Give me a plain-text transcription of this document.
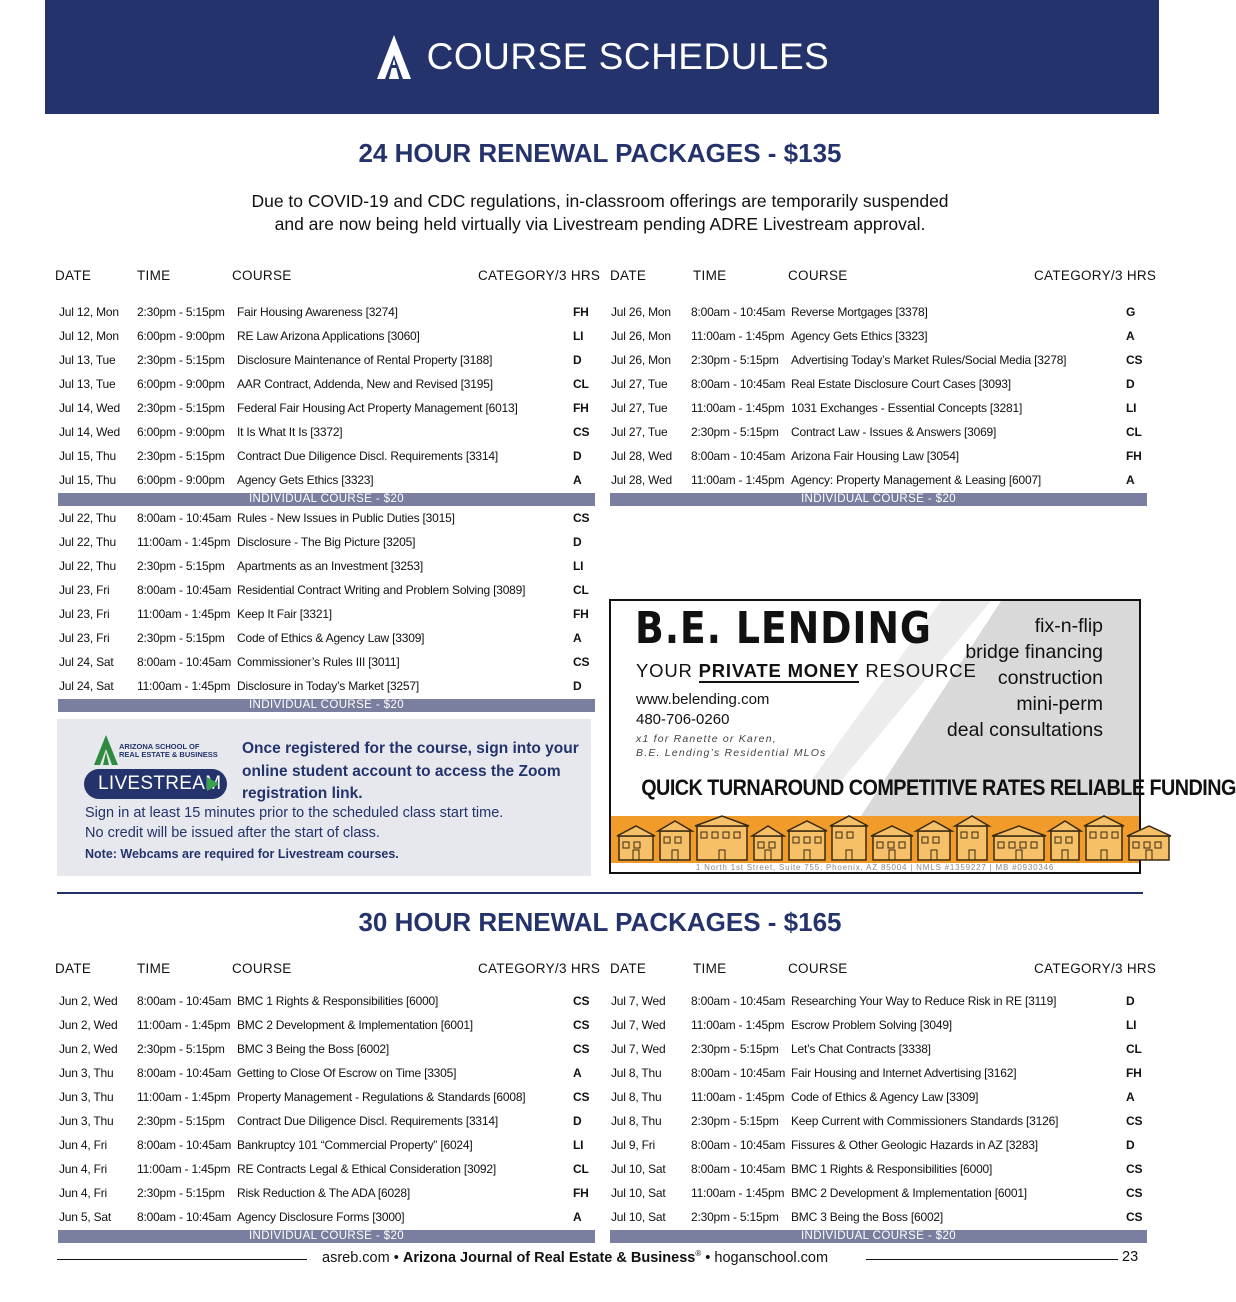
COURSE SCHEDULES
24 HOUR RENEWAL PACKAGES - $135

Due to COVID-19 and CDC regulations, in-classroom offerings are temporarily suspended

and are now being held virtually via Livestream pending ADRE Livestream approval.

DATE	TIME	COURSE	CATEGORY/3 HRS DATE	TIME	COURSE	CATEGORY/3 HRS
Jul 12, Mon 2:30pm - 5:15pm Fair Housing Awareness [3274]	FH
Jul 12, Mon 6:00pm - 9:00pm RE Law Arizona Applications [3060]	LI
Jul 13, Tue 2:30pm - 5:15pm Disclosure Maintenance of Rental Property [3188]	D
Jul 13, Tue 6:00pm - 9:00pm AAR Contract, Addenda, New and Revised [3195]	CL
Jul 14, Wed 2:30pm - 5:15pm Federal Fair Housing Act Property Management [6013]	FH
Jul 14, Wed 6:00pm - 9:00pm It Is What It Is [3372]	CS
Jul 15, Thu 2:30pm - 5:15pm Contract Due Diligence Discl. Requirements [3314]	D
Jul 15, Thu 6:00pm - 9:00pm Agency Gets Ethics [3323]	A
INDIVIDUAL COURSE - $20
Jul 22, Thu 8:00am - 10:45am Rules - New Issues in Public Duties [3015]	CS
Jul 22, Thu 11:00am - 1:45pm Disclosure - The Big Picture [3205]	D
Jul 22, Thu 2:30pm - 5:15pm Apartments as an Investment [3253]	LI
Jul 23, Fri 8:00am - 10:45am Residential Contract Writing and Problem Solving [3089]	CL
Jul 23, Fri 11:00am - 1:45pm Keep It Fair [3321]	FH
Jul 23, Fri 2:30pm - 5:15pm Code of Ethics & Agency Law [3309]	A
Jul 24, Sat 8:00am - 10:45am Commissioner’s Rules III [3011]	CS
Jul 24, Sat 11:00am - 1:45pm Disclosure in Today’s Market [3257]	D
INDIVIDUAL COURSE - $20
Jul 26, Mon 8:00am - 10:45am Reverse Mortgages [3378]	G
Jul 26, Mon 11:00am - 1:45pm Agency Gets Ethics [3323]	A
Jul 26, Mon 2:30pm - 5:15pm Advertising Today’s Market Rules/Social Media [3278]	CS
Jul 27, Tue 8:00am - 10:45am Real Estate Disclosure Court Cases [3093]	D
Jul 27, Tue 11:00am - 1:45pm 1031 Exchanges - Essential Concepts [3281]	LI
Jul 27, Tue 2:30pm - 5:15pm Contract Law - Issues & Answers [3069]	CL
Jul 28, Wed 8:00am - 10:45am Arizona Fair Housing Law [3054]	FH
Jul 28, Wed 11:00am - 1:45pm Agency: Property Management & Leasing [6007]	A
INDIVIDUAL COURSE - $20
ARIZONA SCHOOL OF
REAL ESTATE & BUSINESS
LIVESTREAM
Once registered for the course, sign into your online student account to access the Zoom registration link.
Sign in at least 15 minutes prior to the scheduled class start time.
No credit will be issued after the start of class.
Note: Webcams are required for Livestream courses.
B.E. LENDING
YOUR PRIVATE MONEY RESOURCE
www.belending.com
480-706-0260
x1 for Ranette or Karen,
B.E. Lending’s Residential MLOs
fix-n-flip
bridge financing
construction
mini-perm
deal consultations
QUICK TURNAROUND COMPETITIVE RATES RELIABLE FUNDING
1 North 1st Street, Suite 755, Phoenix, AZ 85004 | NMLS #1359227 | MB #0930346
30 HOUR RENEWAL PACKAGES - $165
DATE	TIME	COURSE	CATEGORY/3 HRS DATE	TIME	COURSE	CATEGORY/3 HRS
Jun 2, Wed 8:00am - 10:45am BMC 1 Rights & Responsibilities [6000]	CS
Jun 2, Wed 11:00am - 1:45pm BMC 2 Development & Implementation [6001]	CS
Jun 2, Wed 2:30pm - 5:15pm BMC 3 Being the Boss [6002]	CS
Jun 3, Thu 8:00am - 10:45am Getting to Close Of Escrow on Time [3305]	A
Jun 3, Thu 11:00am - 1:45pm Property Management - Regulations & Standards [6008]	CS
Jun 3, Thu 2:30pm - 5:15pm Contract Due Diligence Discl. Requirements [3314]	D
Jun 4, Fri 8:00am - 10:45am Bankruptcy 101 “Commercial Property” [6024]	LI
Jun 4, Fri 11:00am - 1:45pm RE Contracts Legal & Ethical Consideration [3092]	CL
Jun 4, Fri 2:30pm - 5:15pm Risk Reduction & The ADA [6028]	FH
Jun 5, Sat 8:00am - 10:45am Agency Disclosure Forms [3000]	A
INDIVIDUAL COURSE - $20
Jul 7, Wed 8:00am - 10:45am Researching Your Way to Reduce Risk in RE [3119]	D
Jul 7, Wed 11:00am - 1:45pm Escrow Problem Solving [3049]	LI
Jul 7, Wed 2:30pm - 5:15pm Let’s Chat Contracts [3338]	CL
Jul 8, Thu 8:00am - 10:45am Fair Housing and Internet Advertising [3162]	FH
Jul 8, Thu 11:00am - 1:45pm Code of Ethics & Agency Law [3309]	A
Jul 8, Thu 2:30pm - 5:15pm Keep Current with Commissioners Standards [3126]	CS
Jul 9, Fri	8:00am - 10:45am Fissures & Other Geologic Hazards in AZ [3283]	D
Jul 10, Sat 8:00am - 10:45am BMC 1 Rights & Responsibilities [6000]	CS
Jul 10, Sat 11:00am - 1:45pm BMC 2 Development & Implementation [6001]	CS
Jul 10, Sat 2:30pm - 5:15pm BMC 3 Being the Boss [6002]	CS
INDIVIDUAL COURSE - $20
asreb.com • Arizona Journal of Real Estate & Business® • hoganschool.com	23
